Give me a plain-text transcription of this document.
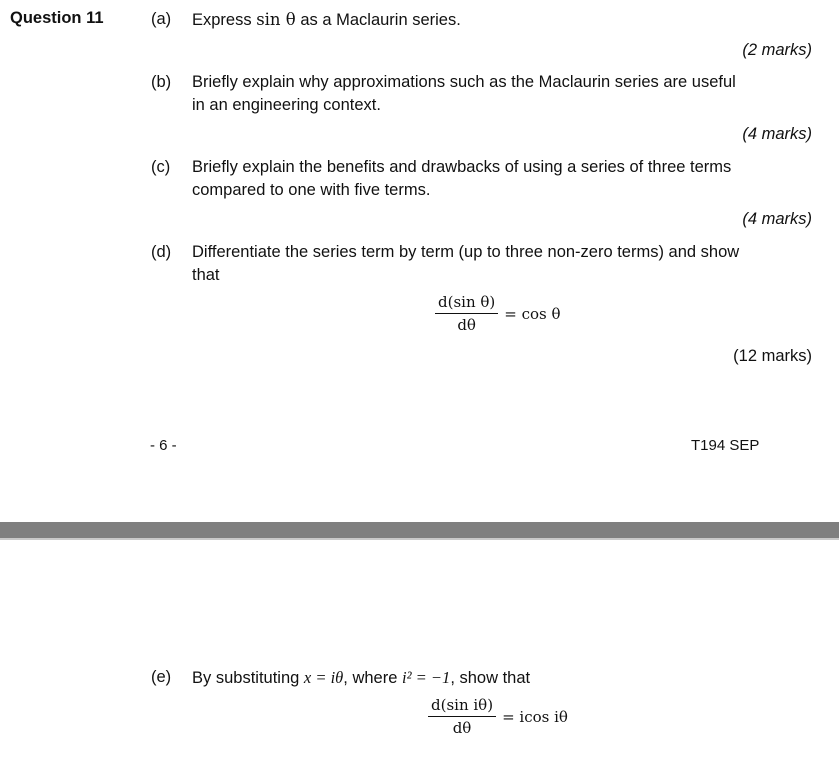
Question 11	(a) Express sin θ as a Maclaurin series.
(2 marks)
(b) Briefly explain why approximations such as the Maclaurin series are useful
in an engineering context.
(4 marks)
(c) Briefly explain the benefits and drawbacks of using a series of three terms
compared to one with five terms.
(4 marks)
(d) Differentiate the series term by term (up to three non-zero terms) and show
that
$\frac{\text{d(sin θ)}}{d\theta} = \cos \theta$
(12 marks)
- 6 -	T194 SEP
(e) By substituting x = iθ, where i² = −1, show that
$\frac{\text{d(sin iθ)}}{d\theta} = icos$ iθ
